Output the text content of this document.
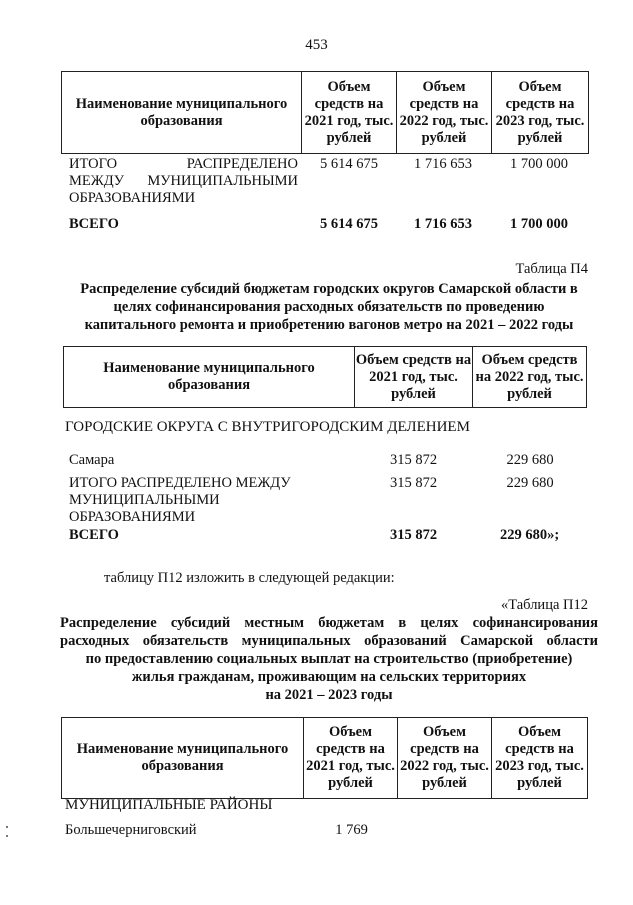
453
Наименование муниципального образования	Объем средств на 2021 год, тыс. рублей	Объем средств на 2022 год, тыс. рублей	Объем средств на 2023 год, тыс. рублей
ИТОГО РАСПРЕДЕЛЕНО
МЕЖДУ МУНИЦИПАЛЬНЫМИ
ОБРАЗОВАНИЯМИ
5 614 675	1 716 653	1 700 000
ВСЕГО	5 614 675	1 716 653	1 700 000
Таблица П4
Распределение субсидий бюджетам городских округов Самарской области в
целях софинансирования расходных обязательств по проведению
капитального ремонта и приобретению вагонов метро на 2021 – 2022 годы
Наименование муниципального образования	Объем средств на 2021 год, тыс. рублей	Объем средств на 2022 год, тыс. рублей
ГОРОДСКИЕ ОКРУГА С ВНУТРИГОРОДСКИМ ДЕЛЕНИЕМ
Самара	315 872	229 680
ИТОГО РАСПРЕДЕЛЕНО МЕЖДУ
МУНИЦИПАЛЬНЫМИ
ОБРАЗОВАНИЯМИ
315 872	229 680
ВСЕГО	315 872	229 680»;
таблицу П12 изложить в следующей редакции:
«Таблица П12
Распределение субсидий местным бюджетам в целях софинансирования
расходных обязательств муниципальных образований Самарской области
по предоставлению социальных выплат на строительство (приобретение)
жилья гражданам, проживающим на сельских территориях
на 2021 – 2023 годы
Наименование муниципального образования	Объем средств на 2021 год, тыс. рублей	Объем средств на 2022 год, тыс. рублей	Объем средств на 2023 год, тыс. рублей
МУНИЦИПАЛЬНЫЕ РАЙОНЫ
Большечерниговский	1 769
